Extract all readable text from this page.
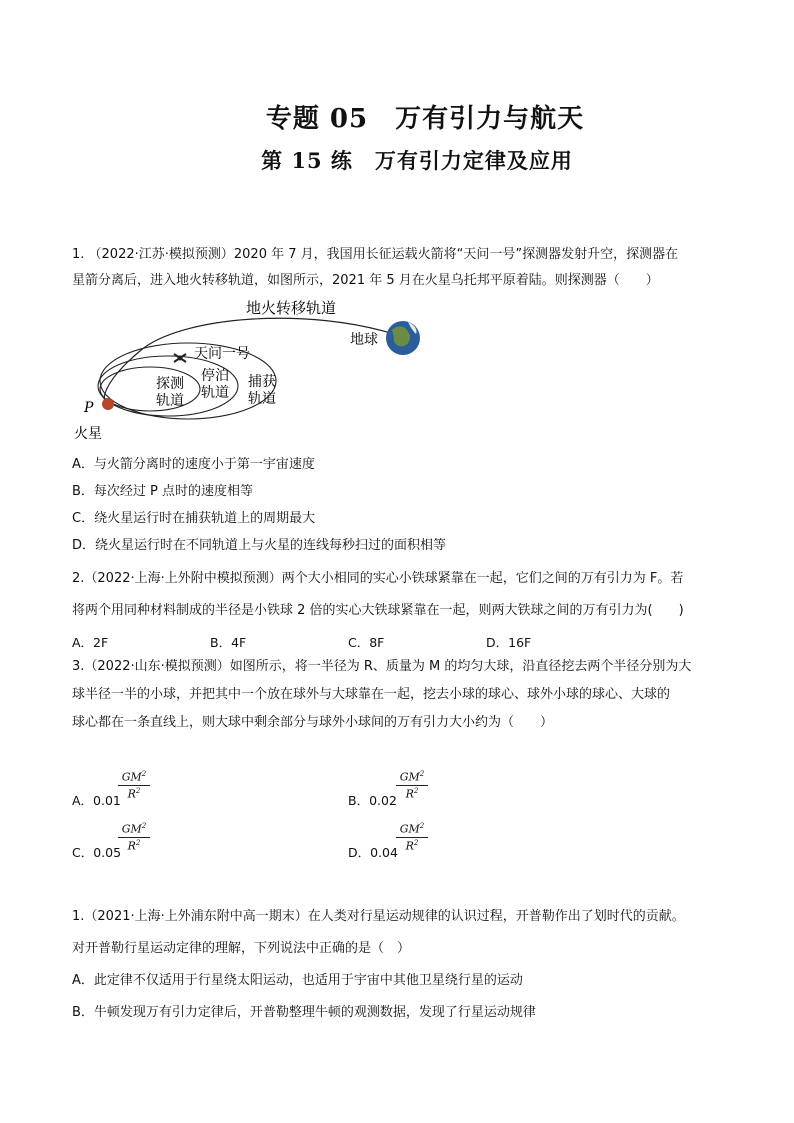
专题 05　万有引力与航天
第 15 练　万有引力定律及应用
1. （2022·江苏·模拟预测）2020 年 7 月，我国用长征运载火箭将“天问一号”探测器发射升空，探测器在
星箭分离后，进入地火转移轨道，如图所示，2021 年 5 月在火星乌托邦平原着陆。则探测器（　　）
地火转移轨道
地球
天问一号
探测
轨道
停泊
轨道
捕获
轨道
P
火星
A．与火箭分离时的速度小于第一宇宙速度
B．每次经过 P 点时的速度相等
C．绕火星运行时在捕获轨道上的周期最大
D．绕火星运行时在不同轨道上与火星的连线每秒扫过的面积相等
2.（2022·上海·上外附中模拟预测）两个大小相同的实心小铁球紧靠在一起，它们之间的万有引力为 F。若
将两个用同种材料制成的半径是小铁球 2 倍的实心大铁球紧靠在一起，则两大铁球之间的万有引力为(　　)
A．2F	B．4F	C．8F	D．16F
3.（2022·山东·模拟预测）如图所示，将一半径为 R、质量为 M 的均匀大球，沿直径挖去两个半径分别为大
球半径一半的小球，并把其中一个放在球外与大球靠在一起，挖去小球的球心、球外小球的球心、大球的
球心都在一条直线上，则大球中剩余部分与球外小球间的万有引力大小约为（　　）
A．0.01
$\frac{GM^2}{R^2}$
B．0.02
$\frac{GM^2}{R^2}$
C．0.05
$\frac{GM^2}{R^2}$
D．0.04
$\frac{GM^2}{R^2}$
1.（2021·上海·上外浦东附中高一期末）在人类对行星运动规律的认识过程，开普勒作出了划时代的贡献。
对开普勒行星运动定律的理解，下列说法中正确的是（　）
A．此定律不仅适用于行星绕太阳运动，也适用于宇宙中其他卫星绕行星的运动
B．牛顿发现万有引力定律后，开普勒整理牛顿的观测数据，发现了行星运动规律
